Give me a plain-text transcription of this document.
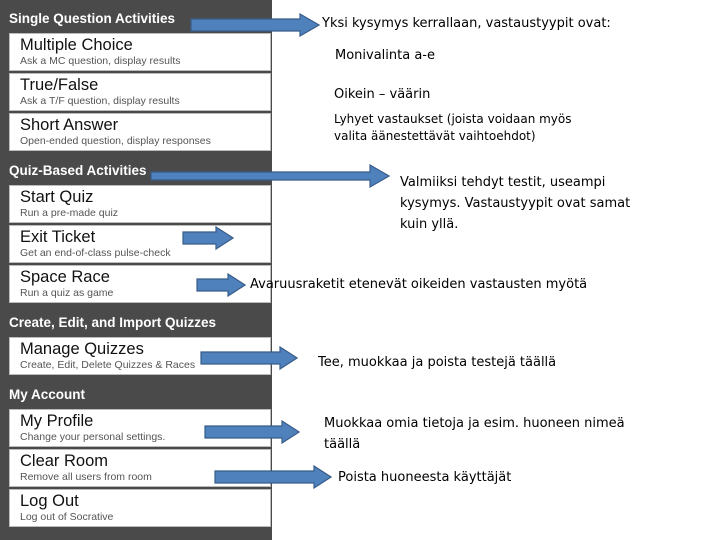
Single Question Activities
Multiple Choice
Ask a MC question, display results
True/False
Ask a T/F question, display results
Short Answer
Open-ended question, display responses
Quiz-Based Activities
Start Quiz
Run a pre-made quiz
Exit Ticket
Get an end-of-class pulse-check
Space Race
Run a quiz as game
Create, Edit, and Import Quizzes
Manage Quizzes
Create, Edit, Delete Quizzes & Races
My Account
My Profile
Change your personal settings.
Clear Room
Remove all users from room
Log Out
Log out of Socrative
Yksi kysymys kerrallaan, vastaustyypit ovat:
Monivalinta a-e
Oikein – väärin
Lyhyet vastaukset (joista voidaan myös
valita äänestettävät vaihtoehdot)
Valmiiksi tehdyt testit, useampi
kysymys. Vastaustyypit ovat samat
kuin yllä.
Avaruusraketit etenevät oikeiden vastausten myötä
Tee, muokkaa ja poista testejä täällä
Muokkaa omia tietoja ja esim. huoneen nimeä
täällä
Poista huoneesta käyttäjät
